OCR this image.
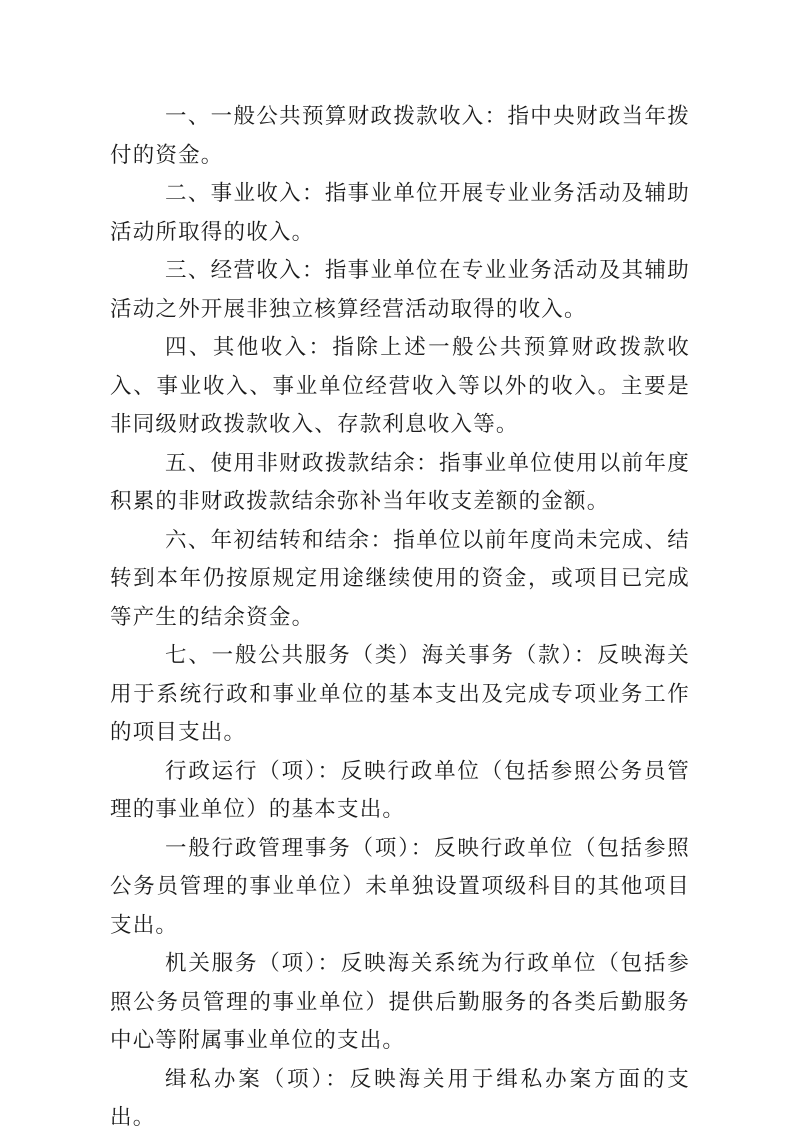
一、一般公共预算财政拨款收入：指中央财政当年拨付的资金。

二、事业收入：指事业单位开展专业业务活动及辅助活动所取得的收入。

三、经营收入：指事业单位在专业业务活动及其辅助活动之外开展非独立核算经营活动取得的收入。

四、其他收入：指除上述一般公共预算财政拨款收入、事业收入、事业单位经营收入等以外的收入。主要是非同级财政拨款收入、存款利息收入等。

五、使用非财政拨款结余：指事业单位使用以前年度积累的非财政拨款结余弥补当年收支差额的金额。

六、年初结转和结余：指单位以前年度尚未完成、结转到本年仍按原规定用途继续使用的资金，或项目已完成等产生的结余资金。

七、一般公共服务（类）海关事务（款）：反映海关用于系统行政和事业单位的基本支出及完成专项业务工作的项目支出。

行政运行（项）：反映行政单位（包括参照公务员管理的事业单位）的基本支出。

一般行政管理事务（项）：反映行政单位（包括参照公务员管理的事业单位）未单独设置项级科目的其他项目支出。

机关服务（项）：反映海关系统为行政单位（包括参照公务员管理的事业单位）提供后勤服务的各类后勤服务中心等附属事业单位的支出。

缉私办案（项）：反映海关用于缉私办案方面的支出。
